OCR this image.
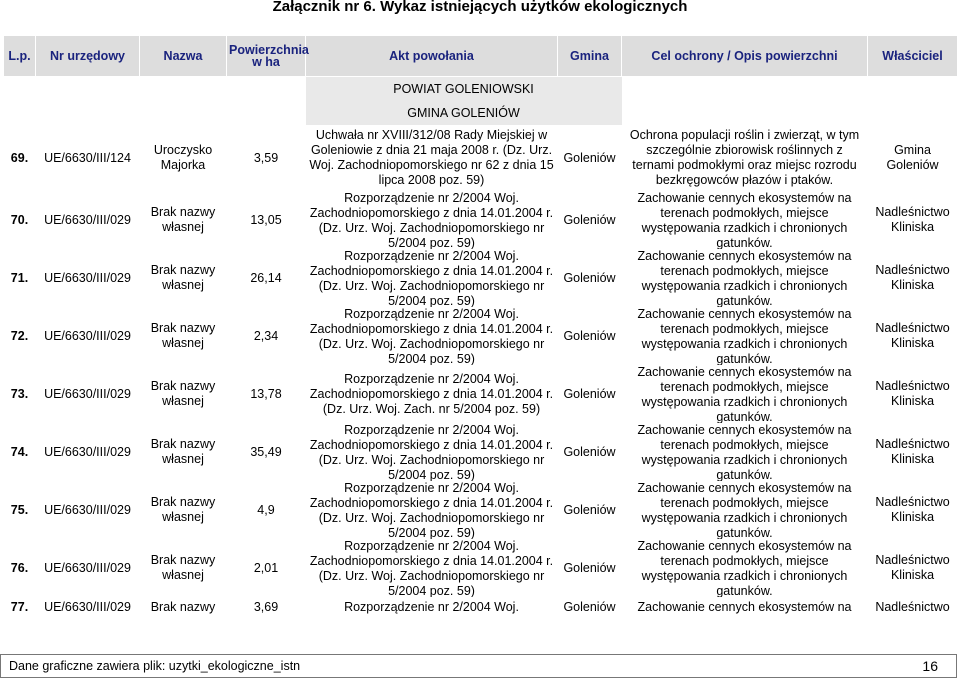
Załącznik nr 6. Wykaz istniejących użytków ekologicznych
L.p.	Nr urzędowy	Nazwa	Powierzchnia w ha	Akt powołania	Gmina	Cel ochrony / Opis powierzchni	Właściciel
				POWIAT GOLENIOWSKI			
				GMINA GOLENIÓW			

69.	UE/6630/III/124	Uroczysko Majorka	3,59	Uchwała nr XVIII/312/08 Rady Miejskiej w Goleniowie z dnia 21 maja 2008 r. (Dz. Urz. Woj. Zachodniopomorskiego nr 62 z dnia 15 lipca 2008 poz. 59)	Goleniów	Ochrona populacji roślin i zwierząt, w tym szczególnie zbiorowisk roślinnych z ternami podmokłymi oraz miejsc rozrodu bezkręgowców płazów i ptaków.	Gmina Goleniów

70.	UE/6630/III/029	Brak nazwy własnej	13,05	Rozporządzenie nr 2/2004 Woj. Zachodniopomorskiego z dnia 14.01.2004 r. (Dz. Urz. Woj. Zachodniopomorskiego nr 5/2004 poz. 59)	Goleniów	Zachowanie cennych ekosystemów na terenach podmokłych, miejsce występowania rzadkich i chronionych gatunków.	Nadleśnictwo Kliniska

71.	UE/6630/III/029	Brak nazwy własnej	26,14	Rozporządzenie nr 2/2004 Woj. Zachodniopomorskiego z dnia 14.01.2004 r. (Dz. Urz. Woj. Zachodniopomorskiego nr 5/2004 poz. 59)	Goleniów	Zachowanie cennych ekosystemów na terenach podmokłych, miejsce występowania rzadkich i chronionych gatunków.	Nadleśnictwo Kliniska

72.	UE/6630/III/029	Brak nazwy własnej	2,34	Rozporządzenie nr 2/2004 Woj. Zachodniopomorskiego z dnia 14.01.2004 r. (Dz. Urz. Woj. Zachodniopomorskiego nr 5/2004 poz. 59)	Goleniów	Zachowanie cennych ekosystemów na terenach podmokłych, miejsce występowania rzadkich i chronionych gatunków.	Nadleśnictwo Kliniska

73.	UE/6630/III/029	Brak nazwy własnej	13,78	Rozporządzenie nr 2/2004 Woj. Zachodniopomorskiego z dnia 14.01.2004 r. (Dz. Urz. Woj. Zach. nr 5/2004 poz. 59)	Goleniów	Zachowanie cennych ekosystemów na terenach podmokłych, miejsce występowania rzadkich i chronionych gatunków.	Nadleśnictwo Kliniska

74.	UE/6630/III/029	Brak nazwy własnej	35,49	Rozporządzenie nr 2/2004 Woj. Zachodniopomorskiego z dnia 14.01.2004 r. (Dz. Urz. Woj. Zachodniopomorskiego nr 5/2004 poz. 59)	Goleniów	Zachowanie cennych ekosystemów na terenach podmokłych, miejsce występowania rzadkich i chronionych gatunków.	Nadleśnictwo Kliniska

75.	UE/6630/III/029	Brak nazwy własnej	4,9	Rozporządzenie nr 2/2004 Woj. Zachodniopomorskiego z dnia 14.01.2004 r. (Dz. Urz. Woj. Zachodniopomorskiego nr 5/2004 poz. 59)	Goleniów	Zachowanie cennych ekosystemów na terenach podmokłych, miejsce występowania rzadkich i chronionych gatunków.	Nadleśnictwo Kliniska

76.	UE/6630/III/029	Brak nazwy własnej	2,01	Rozporządzenie nr 2/2004 Woj. Zachodniopomorskiego z dnia 14.01.2004 r. (Dz. Urz. Woj. Zachodniopomorskiego nr 5/2004 poz. 59)	Goleniów	Zachowanie cennych ekosystemów na terenach podmokłych, miejsce występowania rzadkich i chronionych gatunków.	Nadleśnictwo Kliniska

77.	UE/6630/III/029	Brak nazwy	3,69	Rozporządzenie nr 2/2004 Woj.	Goleniów	Zachowanie cennych ekosystemów na	Nadleśnictwo
Dane graficzne zawiera plik: uzytki_ekologiczne_istn	16
